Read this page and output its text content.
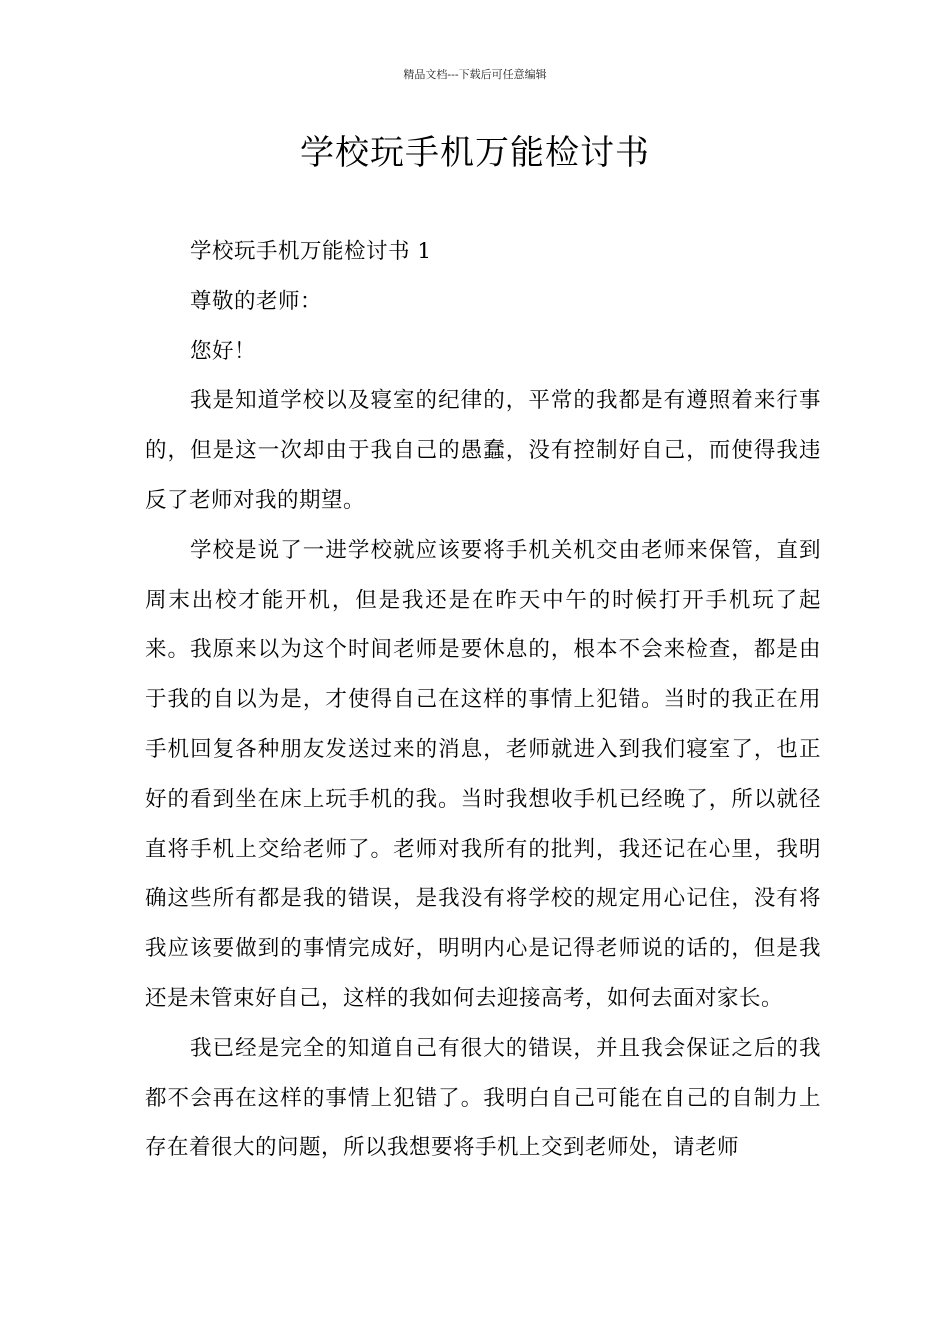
精品文档---下载后可任意编辑
学校玩手机万能检讨书

学校玩手机万能检讨书 1

尊敬的老师：

您好！

我是知道学校以及寝室的纪律的，平常的我都是有遵照着来行事的，但是这一次却由于我自己的愚蠢，没有控制好自己，而使得我违反了老师对我的期望。

学校是说了一进学校就应该要将手机关机交由老师来保管，直到周末出校才能开机，但是我还是在昨天中午的时候打开手机玩了起来。我原来以为这个时间老师是要休息的，根本不会来检查，都是由于我的自以为是，才使得自己在这样的事情上犯错。当时的我正在用手机回复各种朋友发送过来的消息，老师就进入到我们寝室了，也正好的看到坐在床上玩手机的我。当时我想收手机已经晚了，所以就径直将手机上交给老师了。老师对我所有的批判，我还记在心里，我明确这些所有都是我的错误，是我没有将学校的规定用心记住，没有将我应该要做到的事情完成好，明明内心是记得老师说的话的，但是我还是未管束好自己，这样的我如何去迎接高考，如何去面对家长。

我已经是完全的知道自己有很大的错误，并且我会保证之后的我都不会再在这样的事情上犯错了。我明白自己可能在自己的自制力上存在着很大的问题，所以我想要将手机上交到老师处，请老师
